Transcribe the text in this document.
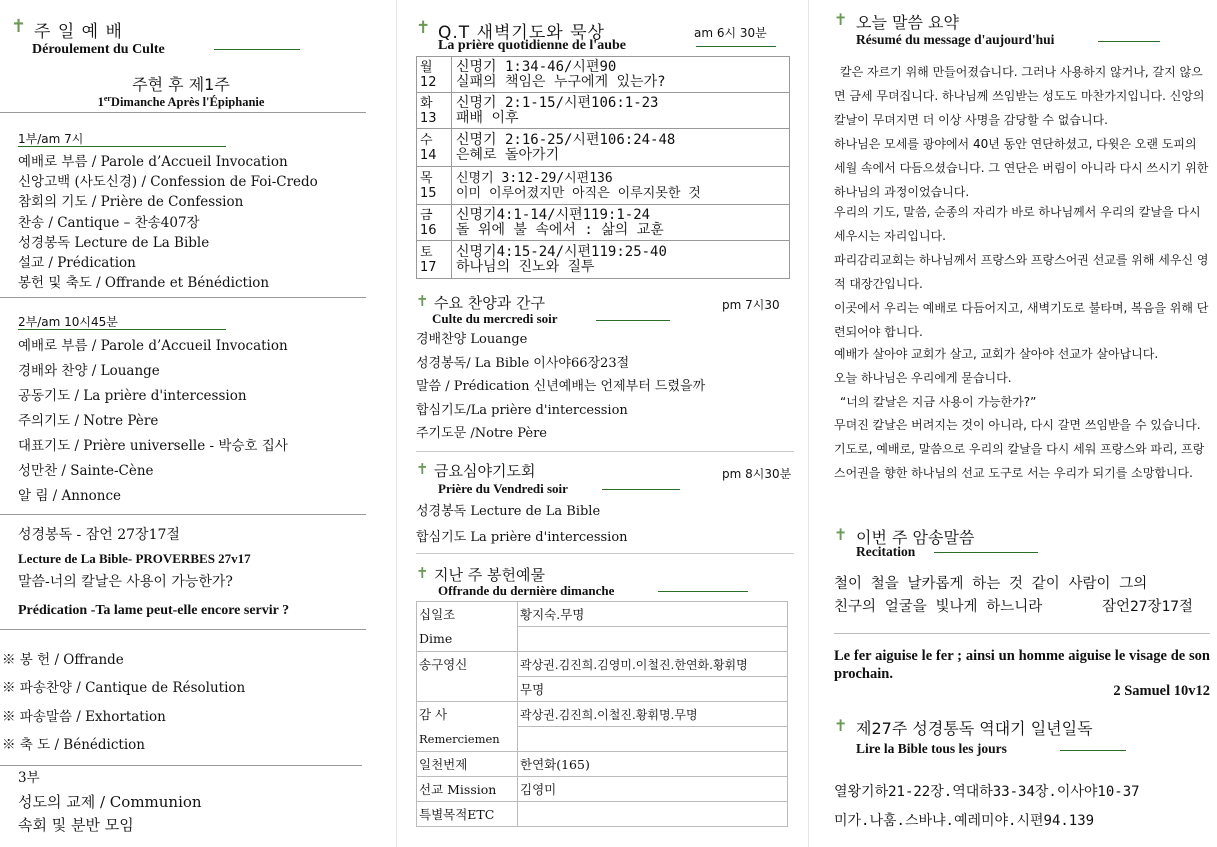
✝ 주 일 예 배
Déroulement du Culte
주현 후 제1주
1erDimanche Après l'Épiphanie
1부/am 7시
예배로 부름 / Parole d’Accueil Invocation
신앙고백 (사도신경) / Confession de Foi-Credo
참회의 기도 / Prière de Confession
찬송 / Cantique – 찬송407장
성경봉독 Lecture de La Bible
설교 / Prédication
봉헌 및 축도 / Offrande et Bénédiction
2부/am 10시45분
예배로 부름 / Parole d’Accueil Invocation
경배와 찬양 / Louange
공동기도 / La prière d'intercession
주의기도 / Notre Père
대표기도 / Prière universelle - 박승호 집사
성만찬 / Sainte-Cène
알 림 / Annonce
성경봉독 - 잠언 27장17절
Lecture de La Bible- PROVERBES 27v17
말씀-너의 칼날은 사용이 가능한가?
Prédication -Ta lame peut-elle encore servir ?
※ 봉 헌 / Offrande
※ 파송찬양 / Cantique de Résolution
※ 파송말씀 / Exhortation
※ 축 도 / Bénédiction
3부
성도의 교제 / Communion
속회 및 분반 모임
✝ Q.T 새벽기도와 묵상	am 6시 30분
La prière quotidienne de l'aube
월12	신명기 1:34-46/시편90
실패의 책임은 누구에게 있는가?

화13	신명기 2:1-15/시편106:1-23
패배 이후

수14	신명기 2:16-25/시편106:24-48
은혜로 돌아가기

목15	신명기 3:12-29/시편136
이미 이루어졌지만 아직은 이루지못한 것

금16	신명기4:1-14/시편119:1-24
돌 위에 불 속에서 : 삶의 교훈

토17	신명기4:15-24/시편119:25-40
하나님의 진노와 질투
✝ 수요 찬양과 간구	pm 7시30
Culte du mercredi soir
경배찬양 Louange
성경봉독/ La Bible 이사야66장23절
말씀 / Prédication 신년예배는 언제부터 드렸을까
합심기도/La prière d'intercession
주기도문 /Notre Père
✝ 금요심야기도회	pm 8시30분
Prière du Vendredi soir
성경봉독 Lecture de La Bible
합심기도 La prière d'intercession
✝ 지난 주 봉헌예물
Offrande du dernière dimanche
십일조	황지숙.무명
Dime	
송구영신	곽상권.김진희.김영미.이철진.한연화.황휘명
	무명
감 사	곽상권.김진희.이철진.황휘명.무명
Remerciemen	
일천번제	한연화(165)
선교 Mission	김영미
특별목적ETC	
✝ 오늘 말씀 요약
Résumé du message d'aujourd'hui
칼은 자르기 위해 만들어졌습니다. 그러나 사용하지 않거나, 갈지 않으면 금세 무뎌집니다. 하나님께 쓰임받는 성도도 마찬가지입니다. 신앙의 칼날이 무뎌지면 더 이상 사명을 감당할 수 없습니다.
하나님은 모세를 광야에서 40년 동안 연단하셨고, 다윗은 오랜 도피의 세월 속에서 다듬으셨습니다. 그 연단은 버림이 아니라 다시 쓰시기 위한 하나님의 과정이었습니다.
우리의 기도, 말씀, 순종의 자리가 바로 하나님께서 우리의 칼날을 다시 세우시는 자리입니다.
파리감리교회는 하나님께서 프랑스와 프랑스어권 선교를 위해 세우신 영적 대장간입니다.
이곳에서 우리는 예배로 다듬어지고, 새벽기도로 불타며, 복음을 위해 단련되어야 합니다.
예배가 살아야 교회가 살고, 교회가 살아야 선교가 살아납니다.
오늘 하나님은 우리에게 묻습니다.
“너의 칼날은 지금 사용이 가능한가?”
무뎌진 칼날은 버려지는 것이 아니라, 다시 갈면 쓰임받을 수 있습니다. 기도로, 예배로, 말씀으로 우리의 칼날을 다시 세워 프랑스와 파리, 프랑스어권을 향한 하나님의 선교 도구로 서는 우리가 되기를 소망합니다.
✝ 이번 주 암송말씀
Recitation
철이 철을 날카롭게 하는 것 같이 사람이 그의
친구의 얼굴을 빛나게 하느니라	잠언27장17절
Le fer aiguise le fer ; ainsi un homme aiguise le visage de son prochain.
2 Samuel 10v12
✝ 제27주 성경통독 역대기 일년일독
Lire la Bible tous les jours
열왕기하21-22장.역대하33-34장.이사야10-37
미가.나훔.스바냐.예레미야.시편94.139
